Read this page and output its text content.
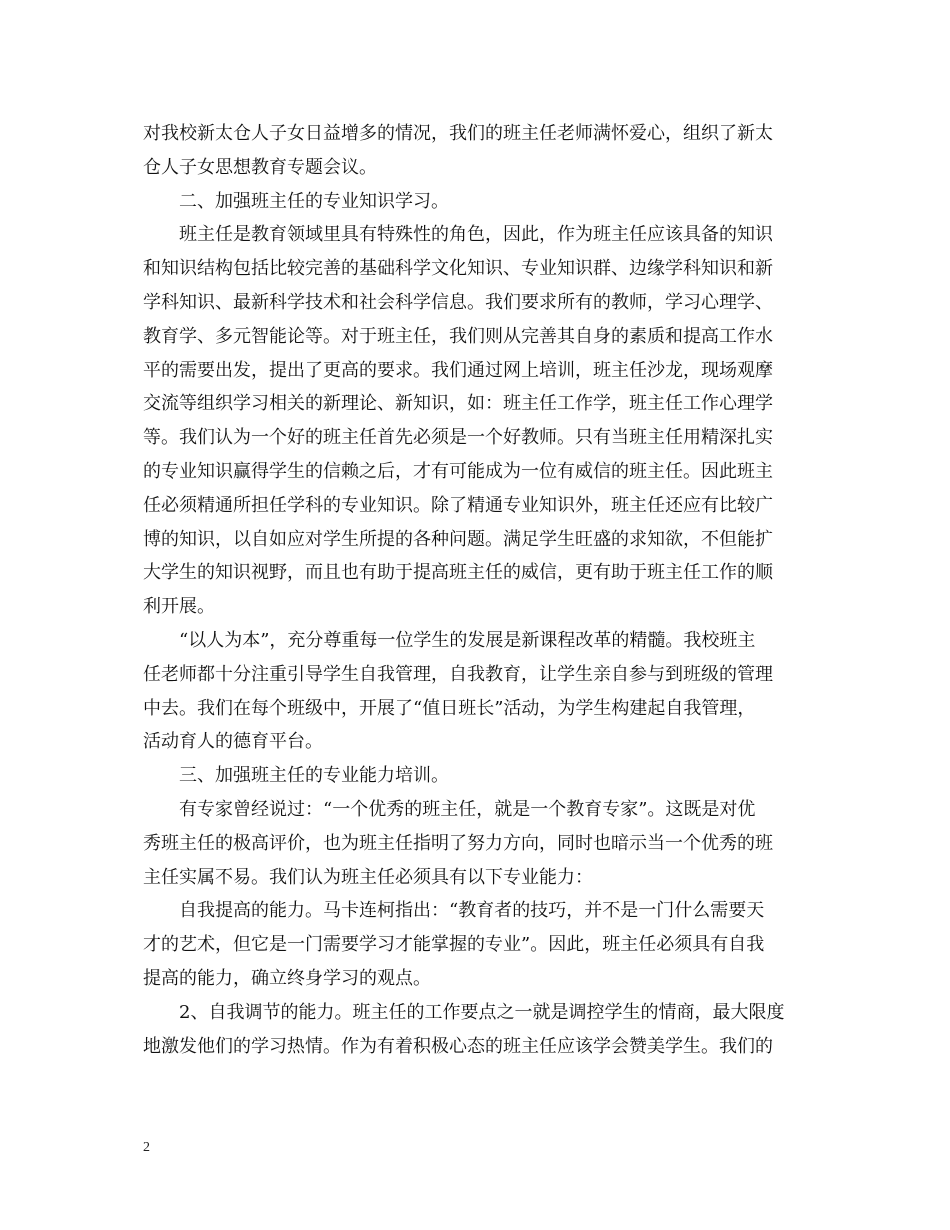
对我校新太仓人子女日益增多的情况，我们的班主任老师满怀爱心，组织了新太
仓人子女思想教育专题会议。

二、加强班主任的专业知识学习。

班主任是教育领域里具有特殊性的角色，因此，作为班主任应该具备的知识
和知识结构包括比较完善的基础科学文化知识、专业知识群、边缘学科知识和新
学科知识、最新科学技术和社会科学信息。我们要求所有的教师，学习心理学、
教育学、多元智能论等。对于班主任，我们则从完善其自身的素质和提高工作水
平的需要出发，提出了更高的要求。我们通过网上培训，班主任沙龙，现场观摩
交流等组织学习相关的新理论、新知识，如：班主任工作学，班主任工作心理学
等。我们认为一个好的班主任首先必须是一个好教师。只有当班主任用精深扎实
的专业知识赢得学生的信赖之后，才有可能成为一位有威信的班主任。因此班主
任必须精通所担任学科的专业知识。除了精通专业知识外，班主任还应有比较广
博的知识，以自如应对学生所提的各种问题。满足学生旺盛的求知欲，不但能扩
大学生的知识视野，而且也有助于提高班主任的威信，更有助于班主任工作的顺
利开展。

“以人为本”，充分尊重每一位学生的发展是新课程改革的精髓。我校班主
任老师都十分注重引导学生自我管理，自我教育，让学生亲自参与到班级的管理
中去。我们在每个班级中，开展了“值日班长”活动，为学生构建起自我管理，
活动育人的德育平台。

三、加强班主任的专业能力培训。

有专家曾经说过：“一个优秀的班主任，就是一个教育专家”。这既是对优
秀班主任的极高评价，也为班主任指明了努力方向，同时也暗示当一个优秀的班
主任实属不易。我们认为班主任必须具有以下专业能力：

自我提高的能力。马卡连柯指出：“教育者的技巧，并不是一门什么需要天
才的艺术，但它是一门需要学习才能掌握的专业”。因此，班主任必须具有自我
提高的能力，确立终身学习的观点。

2、自我调节的能力。班主任的工作要点之一就是调控学生的情商，最大限度
地激发他们的学习热情。作为有着积极心态的班主任应该学会赞美学生。我们的

2
